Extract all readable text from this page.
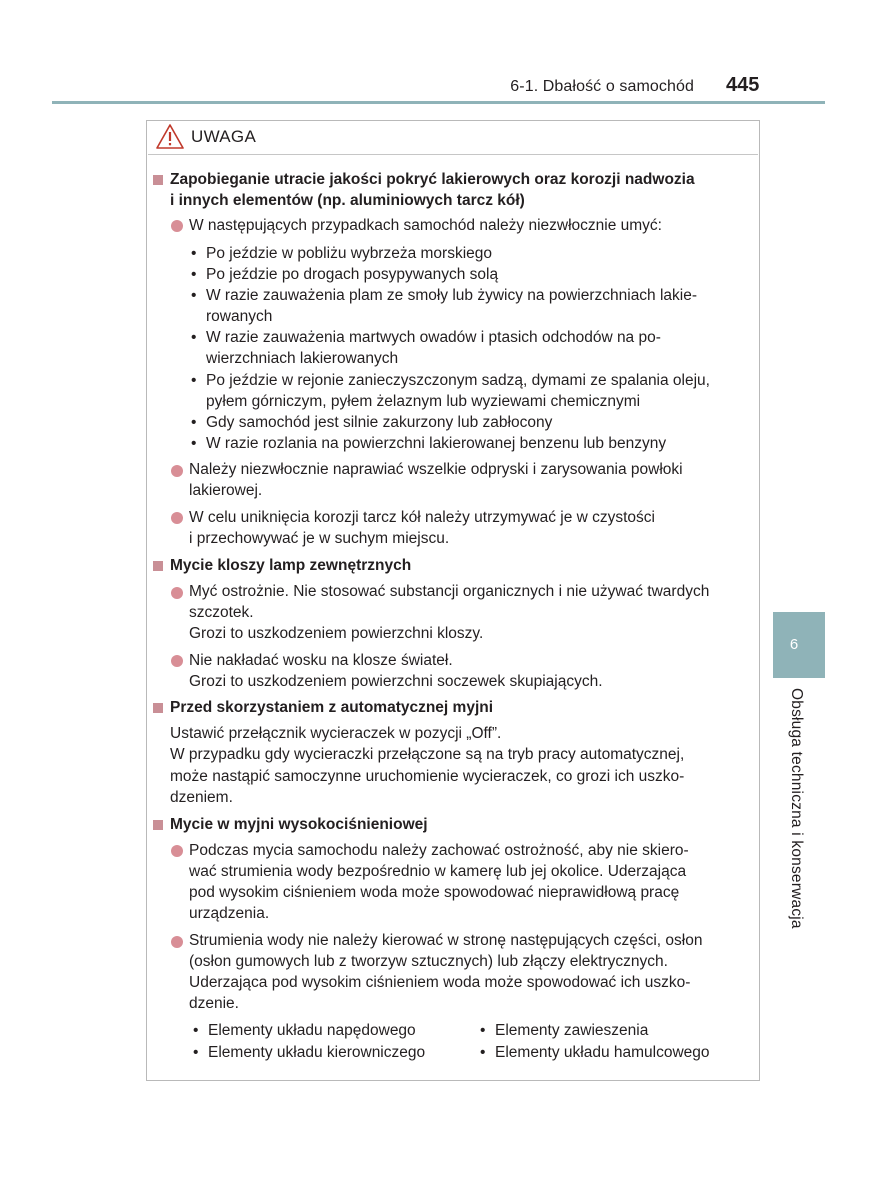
6-1. Dbałość o samochód 445
UWAGA
Zapobieganie utracie jakości pokryć lakierowych oraz korozji nadwozia
i innych elementów (np. aluminiowych tarcz kół)
W następujących przypadkach samochód należy niezwłocznie umyć:
• Po jeździe w pobliżu wybrzeża morskiego
• Po jeździe po drogach posypywanych solą
• W razie zauważenia plam ze smoły lub żywicy na powierzchniach lakie-
rowanych
• W razie zauważenia martwych owadów i ptasich odchodów na po-
wierzchniach lakierowanych
• Po jeździe w rejonie zanieczyszczonym sadzą, dymami ze spalania oleju,
pyłem górniczym, pyłem żelaznym lub wyziewami chemicznymi
• Gdy samochód jest silnie zakurzony lub zabłocony
• W razie rozlania na powierzchni lakierowanej benzenu lub benzyny
Należy niezwłocznie naprawiać wszelkie odpryski i zarysowania powłoki
lakierowej.
W celu uniknięcia korozji tarcz kół należy utrzymywać je w czystości
i przechowywać je w suchym miejscu.
Mycie kloszy lamp zewnętrznych
Myć ostrożnie. Nie stosować substancji organicznych i nie używać twardych
szczotek.
Grozi to uszkodzeniem powierzchni kloszy.
Nie nakładać wosku na klosze świateł.
Grozi to uszkodzeniem powierzchni soczewek skupiających.
Przed skorzystaniem z automatycznej myjni
Ustawić przełącznik wycieraczek w pozycji „Off”.
W przypadku gdy wycieraczki przełączone są na tryb pracy automatycznej,
może nastąpić samoczynne uruchomienie wycieraczek, co grozi ich uszko-
dzeniem.
Mycie w myjni wysokociśnieniowej
Podczas mycia samochodu należy zachować ostrożność, aby nie skiero-
wać strumienia wody bezpośrednio w kamerę lub jej okolice. Uderzająca
pod wysokim ciśnieniem woda może spowodować nieprawidłową pracę
urządzenia.
Strumienia wody nie należy kierować w stronę następujących części, osłon
(osłon gumowych lub z tworzyw sztucznych) lub złączy elektrycznych.
Uderzająca pod wysokim ciśnieniem woda może spowodować ich uszko-
dzenie.
• Elementy układu napędowego
• Elementy układu kierowniczego
• Elementy zawieszenia
• Elementy układu hamulcowego
6
Obsługa techniczna i konserwacja
